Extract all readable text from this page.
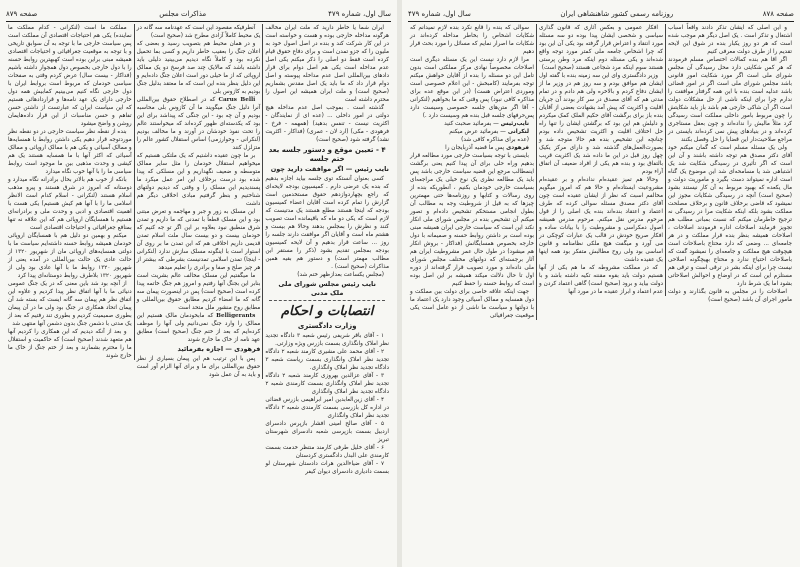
صفحه ۸۷۹	مذاکرات مجلس	سال اول، شماره ۴۷۹

ایران شما یا خاطر دارید که ملت ایران مخالف هرگونه مداخله خارجی بوده و هست و خواسته است در این کار شرکت کند و بنده در اصل اصول خود به ملیون را که جزو تمدن است و برای دفاع حقوق قیام کرده است فقط دو اصلی را ذکر میکنم یکی اصل عدم مداخله است یکی هم اصل دوام برای قرار دادهای بین‌المللی اصل عدم مداخله پیوسته و اصل دوام قرار داد که ما باید یک اصل مقدس بشماریم (صحیح است) و ملت ایران همیشه این اصول را محترم داشته است

گذشته است . بموجب اصل عدم مداخله هیچ دولتی در امور داخلی ... (عده ای از نمایندگان - اکثریت نیست - تنفس بدهید) (همهمه - فرخ - فرهودی - مکی) (ارد لان - عمری) (فداکار - اکثریت نشد) گرفته شود (صحیح است)

۴ - تعیین موقع و دستور جلسه بعد ختم جلسه
نایب رئیس — اگر موافقت دارید چون

کسی بعنوان آنستکه توی جلسه بیاید اجازه بدهیم که بنده یک عرضی دارم . کمیسیون بودجه لایحه‌ای که راجع بچهاردوازدهم حقوق مستخدمین است گزارش را تمام کرده است آقایان اعضاء کمیسیون بودجه که اینجا هستند مطلع هستند یک مدتیست که لازم است که یکی دو ماه که باقیمانده است تصویب کنند و نظرش را بمجلس بدهند وحالا هم بیست و هشتم ماه است و آقایان اگر موافقت دارند جلسه را روز ... ساعت قرار بدهیم و آن لایحه کمیسیون بودجه بمجلس تقدیم بشود (ذکر را مستقر این مطالب مهمتر است) و دستور هم بقیه همین مذاکرات (صحیح است) .

(مجلس یکساعت بعدازظهر ختم شد)

نایب رئیس مجلس شورای ملی
ملک مدنی
انتصابات و احکام
وزارت دادگستری

۱ - آقای باقر شریفی رئیس شعبه ۳ دادگاه تجدید نظر املاک وانگذاری بسمت بازرس ویژه وزارتی.

۲ - آقای محمد علی مشیری کارمند شعبه ۲ دادگاه تجدید نظر املاک وانگذاری بسمت ریاست شعبه ۳ دادگاه تجدید نظر املاک وانگذاری.

۳ - آقای عزالدین بهروزی کارمند شعبه ۲ دادگاه تجدید نظر املاک وانگذاری بسمت کارمندی شعبه ۲ دادگاه تجدید نظر املاک وانگذاری

۴ - آقای زین‌العابدین امیر ابراهیمی بازرس قضائی در اداره کل بازرسی بسمت کارمندی شعبه ۲ دادگاه تجدید نظر املاک وانگذاری

۵ - آقای صالح امینی افشار بازپرس دادسرای اردبیل بسمت بازپرسی شعبه دادسرای شهرستان تبریز

۶ - آقای خلیل طرفی کارمند منتظر خدمت بسمت کارمندی علی البدل دادگستری کردستان

۷ - آقای ضیاءالدین هرات دادستان شهرستان لو بسمت دادیاری دادسرای دیوان کیفر

آنطرفیکه مقصود این است که عهدنامه سه گانه در یک محیط کاملاً آزادی مطرح شد (صحیح است)

و در همان محیط هم بتصویب رسید و بعضی که اعلان جنگ را بعقیب خاطر داریم و کسی بما تحمیل نکرده بود و کاملاً نگاه دیدیم می‌بینید دلیلی باید داشته باشد که مالایک چند صد فرسخ دو یک ممالک اروپائی که از ما خیلی دور است اعلان جنگ داده‌ایم و این دلیل بنظر بنده این است که ما معتقد بدلیل جنگ بودیم به کازوس بلی

Carus Belli که در اصطلاح حقوق بین‌المللی آنرا دلیل جنگ میگویند ما آن کازوس بلی محاسبه بودیم و آن چه بود - این جنگی که پیداشد برای این بود که یکدسته‌ای ظهور کرده‌اند که میخواستند عالم را تحت نفوذ خودشان در آورند و ما مخالف بودیم (لنکرانی - وخوارزمی) اساس استقلال کشور عالم را متزلزل کنند

بر ما چون عقیده داشتیم که یک ملتکی هستیم که میخواهیم استقلال خودمان را مثل سایر ممالک متوسطه و ضعیف نگهداریم و این مسلکی که پیدا شده بود درست برخلاف این امر عمل میکرد ما پسندیدیم این مسلک را و وقتی که دیدیم دولتهای شناختیم و بنظر گرفتیم مبادی اخلاقی دیگر هم داشت

این مسلک به زور و جبر و مهاجمه و تعرض مبتنی بود و این مسلک قطعاً با تمدنی که ما داریم و تمدن شرق منطبق نبود بعلاوه بر این اگر تو جه کنیم که خودمان بیست و دو بیست سال ملت اسلام تمدن قدیمی داریم اخلاقی هم که این تمدن ما بر روی آن استوار است با اینگونه مسلک سازش ندارد (لنکرانی - اینجا) تمدن اسلامی تمدنیست بشرطی که بیشتر از هر چیز صلح و صفا و برادری را تعلیم میدهد

ما میگفتیم این مسلک مخالف عالم بشریت است بنابر این بجنگ آنها رفتیم و امروز هم جنگ خاتمه پیدا کرده است (صحیح است) پس در اینصورت پیمان سه گانه که ما امضاء کردیم مطابق حقوق بین‌المللی و مطابق روح منشور ملل متحد است

Belligerants که مابخودمان مالک هستیم این ممالک را وارد جنگ نمی‌دانیم ولی آنها را موظف کرده‌ایم که بعد از ختم جنگ (صحیح است) مطابق عهد نامه از خاک ما خارج شوند

فرهودی — اجازه بفرمائید

پس با این ترتیب هم این پیمان بسیاری از نظر حقوق بین‌المللی برای ما و برای آنها الزام آور است و باید به آن عمل شود

مملکت ما است (لنکرانی - کدام مملکت ما نماینده) یکی هم احتیاجات اقتصادی آن مملکت است پس سیاست خارجی ما با توجه به آن سوابق تاریخی و با توجه به موقعیت جغرافیائی و احتیاجات اقتصادی همیشه مبنی براین بوده است کهبهترین روابط حسنه را با دول خارجی بخصوص دول همجوار داشته باشیم (فداکار - بیست سال) عرض کردم وقتی به صفحات سیاسی خودمان که مربوط است بروابط ایران با دول خارجی نگاه کنیم می‌بینیم کمابیش همه دول خارجی دارای یک عهد نامه‌ها و قراردادهائی هستیم که این سیاست ایران که عبارتست از داشتن حسن تفاهم و حسن مناسبات از این قرار داده‌هایمان روشن و واضح میشود

بنده از نقطه نظر سیاست خارجی در دو نقطه نظر موردتوجه قرار دهیم یکی داشتن روابط با همسایه‌ها و ممالک آسیائی و یکی هم با ممالک اروپائی و ممالک آسیائی که اکثر آنها با ما همسایه هستند یک هم کیشی و وحدت مذهبی بین ما موجود است روابط سیاسی ما را با آنها خوب نگاه میدارد

بانکه از خوب هم بالاتر بحال برادرانه نگاه میدارد و دوستانه که امروز در شرق هستند و پیرو مذهب اسلام هستند (لنکرانی - اسلام کدام است الانظر اسلامی ما را با آنها هم کیش هستیم) یکی هست با اهمیت اقتصادی و ادبی و وحدت ملی و برادرانه‌ای هستیم با همسایگان اروپائی هم که این علاقه نه تنها بمنافع جغرافیائی و احتیاجات اقتصادی است

میکنم و بهمین دو دلیل هم با همسایگان اروپائی خودمان همیشه روابط حسنه داشته‌ایم سیاست ما با دولتی همسایه‌های اروپائی مان از شهریور ۱۳۲۰ از حالت عادی یک حالت بین‌المللی در آمده یعنی از شهریور ۱۳۲۰ روابط ما با آنها عادی بود ولی از شهریور ۱۳۲۰ بلاطرف روابط دوستانه‌ای پیدا کرد

از آنچه بود شد باین معنی که در یک جنگ عمومی دنیائی ما با آنها اتفاق نظر پیدا کردیم و علاوه این اتفاق نظر هم پیمان سه گانه ایست که بسته شد آن پیمان اتحاد همکاری در جنگ بود ولی ما در آن پیمان بطوری صمیمیت کردیم و بطوری تند رفتیم که بعد از یک مدتی با دشمن جنگ بدون دشمن آنها منتهی شد

و بعد از آنکه دیدیم که این همکاری را کردیم آنها هم متعهد شدند (صحیح است) که حاکمیت و استقلال ما را محترم بشمارند و بعد از ختم جنگ از خاک ما خارج شوند

سال اول، شماره ۴۷۹	روزنامه رسمی کشور شاهنشاهی ایران	صفحه ۸۷۸

و این اصلی که ایشان تذکر دادند واقعاً اسباب اشتغال و تذکر است . یک اصل دیگر هم موجب شده است که هر دو روز یکبار بنده در شوق این لایحه تقدیم را از طرف دولت معرفی کنیم

اگر اقا هم بنده کمالات اختصاص مسلم فرمودند که هر کس شکایتی دارد محل رسیدگی آن مجلس شورای ملی است اگر مورد شکایت امور قانونی باشد مجلس شورای ملی است اگر در امور قضائی باشد عدلیه است بنده با این همه گرفتار موافقت را ندارم چرا برای اینکه ناشی از حل مشکلات دولت است اگر آن شاکی خارجی هم باشد باز باید شکایتش را چون مربوط بامور داخلی مملکت است رسیدگی کرد مثلاً مالیش را نداده‌اند و چون بعقل مستاجری کرده‌اند و در بنیادهای پیش نمی کرده‌اند بایستی در مراجع صلاحیت‌دار این قضایا را حل وفصل بکنند

ولی یک مسئله مسلم است که گمان میکنم خود آقای دکتر مصدق هم توجه داشته باشند و آن این است که اگر تأثیری در رسیدگی شکایت شد یک اشتباهی شد یا مسامحه‌ای شد این موضوع یک گناه است اداره نمیتواند دست بگیرد و ماموریت دولت و مال یکعده که بهبود مربوط به آن کار نیستند بشود (صحیح است) آنچه در رسیدگی شکایات مجوز این نمیشود که قاضی برخلاف قانون و برخلاف مصلحت مملکت بشود بلکه اینکه شکایت مرا در رسیدگی نه ترجیح خاطرمان میکنم که نسبت بمبانی مطلب هم تجویز فرمایند اصلاحات اداره فرمودند اصلاحات ، اصلاحات همیشه بنظر بنده قرار مملکت و در هر جامعه‌ای ... وضعی که دارد محتاج باصلاحات است هیچوقت هیچ مملکت و جامعه‌ای را نمیشود گفت که باصلاحات احتیاج ندارد و محتاج بهیچگونه اصلاحی نیست چرا برای اینکه بشر در ترقی است و ترقی هم مستلزم این است که در اوضاع و احوالش اصلاحاتی بشود اما یک شرط دارد

اصلاحات را در مجلس به قانون بگذارند و دولت مامور اجرای آن باشد (صحیح است)

افکار عمومی و بعکس آثاری که قانون گذاری سیاسی و شخصی ایشان پیدا بوده دو سه مسئله مورد انتقاد و اعتراض قرار گرفته بود یکی آن این بود که چرا اشخاص جامعه ملی کمتر مورد توجه واقع شده‌اند و یکی مسئله دوم اینکه مرد وطن پرستی هستند سوم اینکه مرد شجاعی هستند (صحیح است)

وزیر دادگستری وای این سه زمینه بنده با گفته اول ایشان هم موافق بودم و سه روز هم در وزیر ما از ایشان دفاع کردم و بالاخره ولی هم دادم و در تمام مدتی هم که آقای مصدق در سر کار بودند آن جریان اقلیت و اکثریت که پیش آمد بشهادت بعضی از آقایان بنده باز برای برگشت آقای حکیم الملک کمک میکردم و دلیلش هم این بود که برگشتن ایشان را تنها راه حل اختلاف اقلیت و اکثریت تشخیص داده بودم چنانچه این تشخیص بنده هم حالا متوجه شد و بصورت‌العمل‌های گذشته شد و دارای مرکز یکیک چهل روز قبل در این ما داده شد یک اکثریت قریب بالتفاق بود و بنده هم یکی از افراد ضعیف آن اتفاق آراء بودم

وحالا هم تمیز عقیده‌ام نداده‌ام و بر عقیده‌ام مشروعیت ایستاده‌ام و حالا هم که امروز میگویم مخالفم اسبت که نظر از ایشان عقیده است چون آقای دکتر مصدق مسئله سوالی کرده که طرف اعتماد و اعتقاد بنده‌اند بنده یک اصلی را از قول مرحوم مدرس نقل میکنم. مرحوم مدرس همیشه اصول دمکراسی و مشروطیت را با بیانات ساده و افکار صریح خودش در قالب یک عبارات کوچکی در می آورد و میگفت هیچ ملکی نظامنامه و قانون اساسی بود ولی روح مطالبش متفکر بود همه اینها یک عقیده داشت

که در مملکت مشروطه که ما هم یکی از آنها هستیم دولت باید بقوه مقننه تکیه داشته باشد و با دولت بیاید و برود (صحیح است) گاهی اعتماد کردن و عدم اعتماد و ابراز عقیده ما در مورد آنها

سوالی که بنده را قانع نکرد بنده لازم نمیدانم که شکایات اشخاص را بخاطر مداخله کرده‌اند در شکایات ما اصرار نمایم که مسائل را مورد بحث قرار دهیم

مرا لازم دارد نیست این یک مسئله دیگری است اصلاحات مخصوصاً نهادی مرکز مملکتی است بدون تامل این دو مسئله را بنده از آقایان خواهش میکنم توجه بفرمایند (کامبخش - این اعلام خصوصی است وموردی اعتراض هست) (در این موقع عده برای مذاکره کافی نبود) پس وقتی که ما بخواهیم (لنکرانی - آقا اگر متن‌های جلسه خصوصی وسیست دارد پس‌حرفهای جلسه قبل بنده هم وسیست دارد .)

نایب‌رئیس — بفرمائید صحبت کنید

لنکرانی — بفرمائید عرض میکنم

(عده برای مذاکره کافی شد)

فرهودی پس ما قضیه آذربایجان را

بایستی با توجه بسیاست خارجی مورد مطالعه قرار بدهیم وراه حلی برای آن پیدا کنیم یعنی برگشت اینمطالب مرجع این قضیه سیاست خارجی باشد پس باید یک مطالعه نظری یک نوع خیلی یک مراجعه‌ای بسیاست خارجی خودمان بکنیم ، آنطوریکه بنده از روی رسالات و کتابها و روزنامه‌ها حتی مهمترین چیزها که به قیل از شروطیت وجه به مطالب آن بطول انجامی مستحکم تشخیص داده‌ام و تصور میکنم آن تشخیص بنده در مجلس شورای ملی انکار نکند این است که سیاست خارجی ایران همیشه مبنی بوده است بر داشتن روابط حسنه و صمیمانه با دول خارجه بخصوص همسایگانش (فداکار - بروش انکار هم میشود) در طول حال عمر مشروطیت ایران هم آثار برجسته‌ای که دولتهای مختلف مجلس شورای ملی داده‌اند و مورد تصویب قرار گرفته‌اند از دوره اول تا حال دلالت میکند همیشه بر این اصل بوده است که روابط حسنه را حفظ کنیم

جهت اینکه علاقه خاصی برای دولت بین مملکت و دول همسایه و ممالک آسیائی وجود دارد یک اعتماد ما با دولتها و سیاست ما ناشی از دو عامل است یکی موقعیت جغرافیائی
